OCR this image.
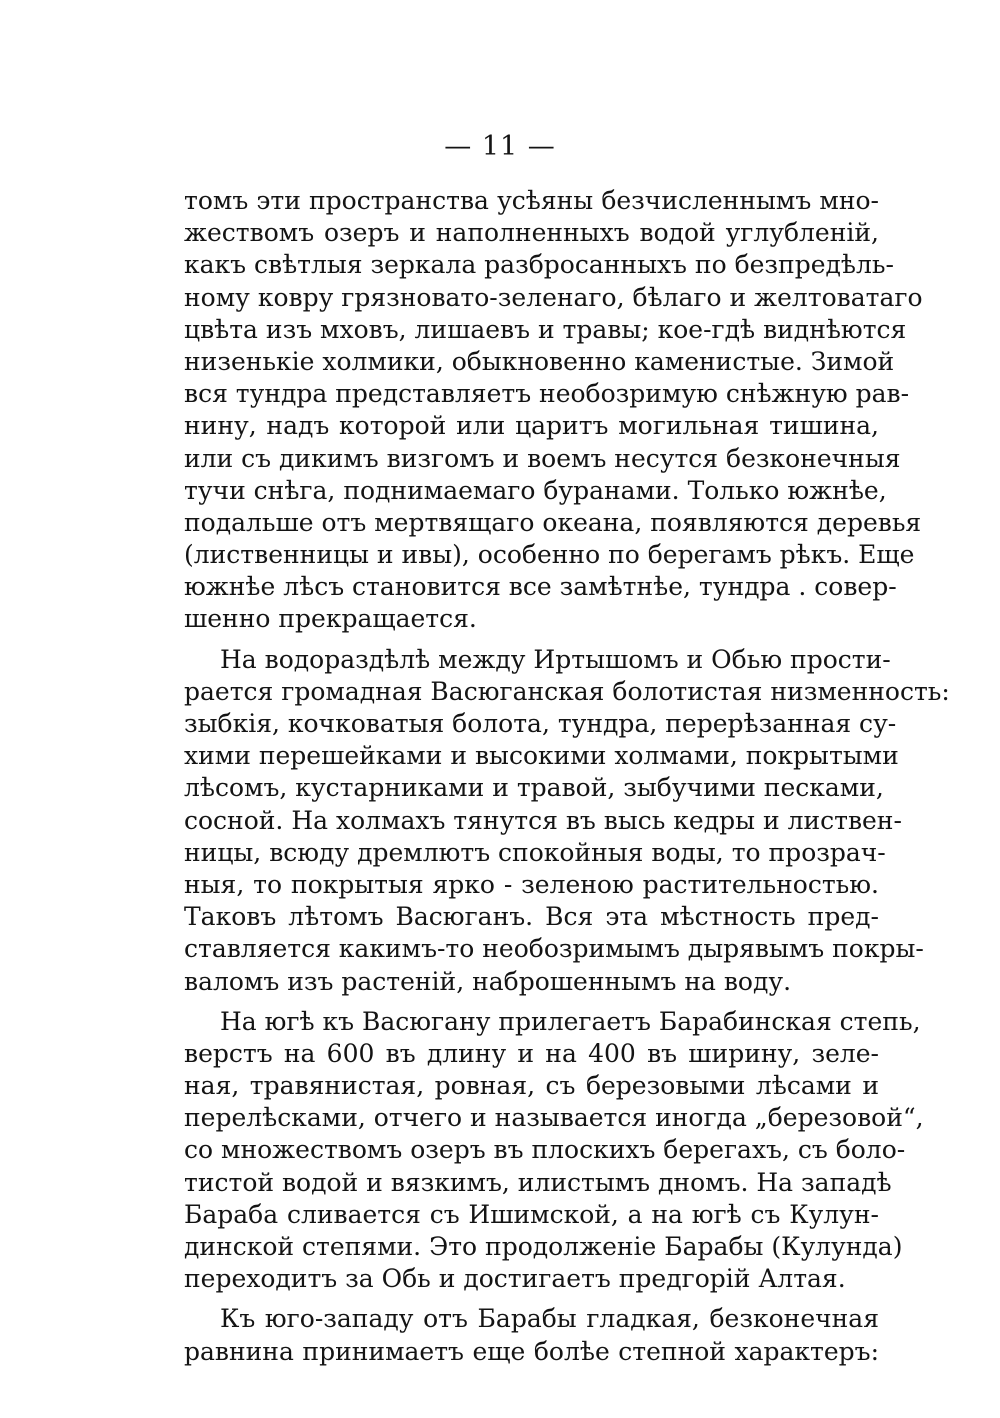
— 11 —
томъ эти пространства усѣяны безчисленнымъ мно-
жествомъ озеръ и наполненныхъ водой углубленій,
какъ свѣтлыя зеркала разбросанныхъ по безпредѣль-
ному ковру грязновато-зеленаго, бѣлаго и желтоватаго
цвѣта изъ мховъ, лишаевъ и травы; кое-гдѣ виднѣются
низенькіе холмики, обыкновенно каменистые. Зимой
вся тундра представляетъ необозримую снѣжную рав-
нину, надъ которой или царитъ могильная тишина,
или съ дикимъ визгомъ и воемъ несутся безконечныя
тучи снѣга, поднимаемаго буранами. Только южнѣе,
подальше отъ мертвящаго океана, появляются деревья
(лиственницы и ивы), особенно по берегамъ рѣкъ. Еще
южнѣе лѣсъ становится все замѣтнѣе, тундра . совер-
шенно прекращается.
На водораздѣлѣ между Иртышомъ и Обью прости-
рается громадная Васюганская болотистая низменность:
зыбкія, кочковатыя болота, тундра, перерѣзанная су-
хими перешейками и высокими холмами, покрытыми
лѣсомъ, кустарниками и травой, зыбучими песками,
сосной. На холмахъ тянутся въ высь кедры и листвен-
ницы, всюду дремлютъ спокойныя воды, то прозрач-
ныя, то покрытыя ярко - зеленою растительностью.
Таковъ лѣтомъ Васюганъ. Вся эта мѣстность пред-
ставляется какимъ-то необозримымъ дырявымъ покры-
валомъ изъ растеній, наброшеннымъ на воду.
На югѣ къ Васюгану прилегаетъ Барабинская степь,
верстъ на 600 въ длину и на 400 въ ширину, зеле-
ная, травянистая, ровная, съ березовыми лѣсами и
перелѣсками, отчего и называется иногда „березовой“,
со множествомъ озеръ въ плоскихъ берегахъ, съ боло-
тистой водой и вязкимъ, илистымъ дномъ. На западѣ
Бараба сливается съ Ишимской, а на югѣ съ Кулун-
динской степями. Это продолженіе Барабы (Кулунда)
переходитъ за Обь и достигаетъ предгорій Алтая.
Къ юго-западу отъ Барабы гладкая, безконечная
равнина принимаетъ еще болѣе степной характеръ:
